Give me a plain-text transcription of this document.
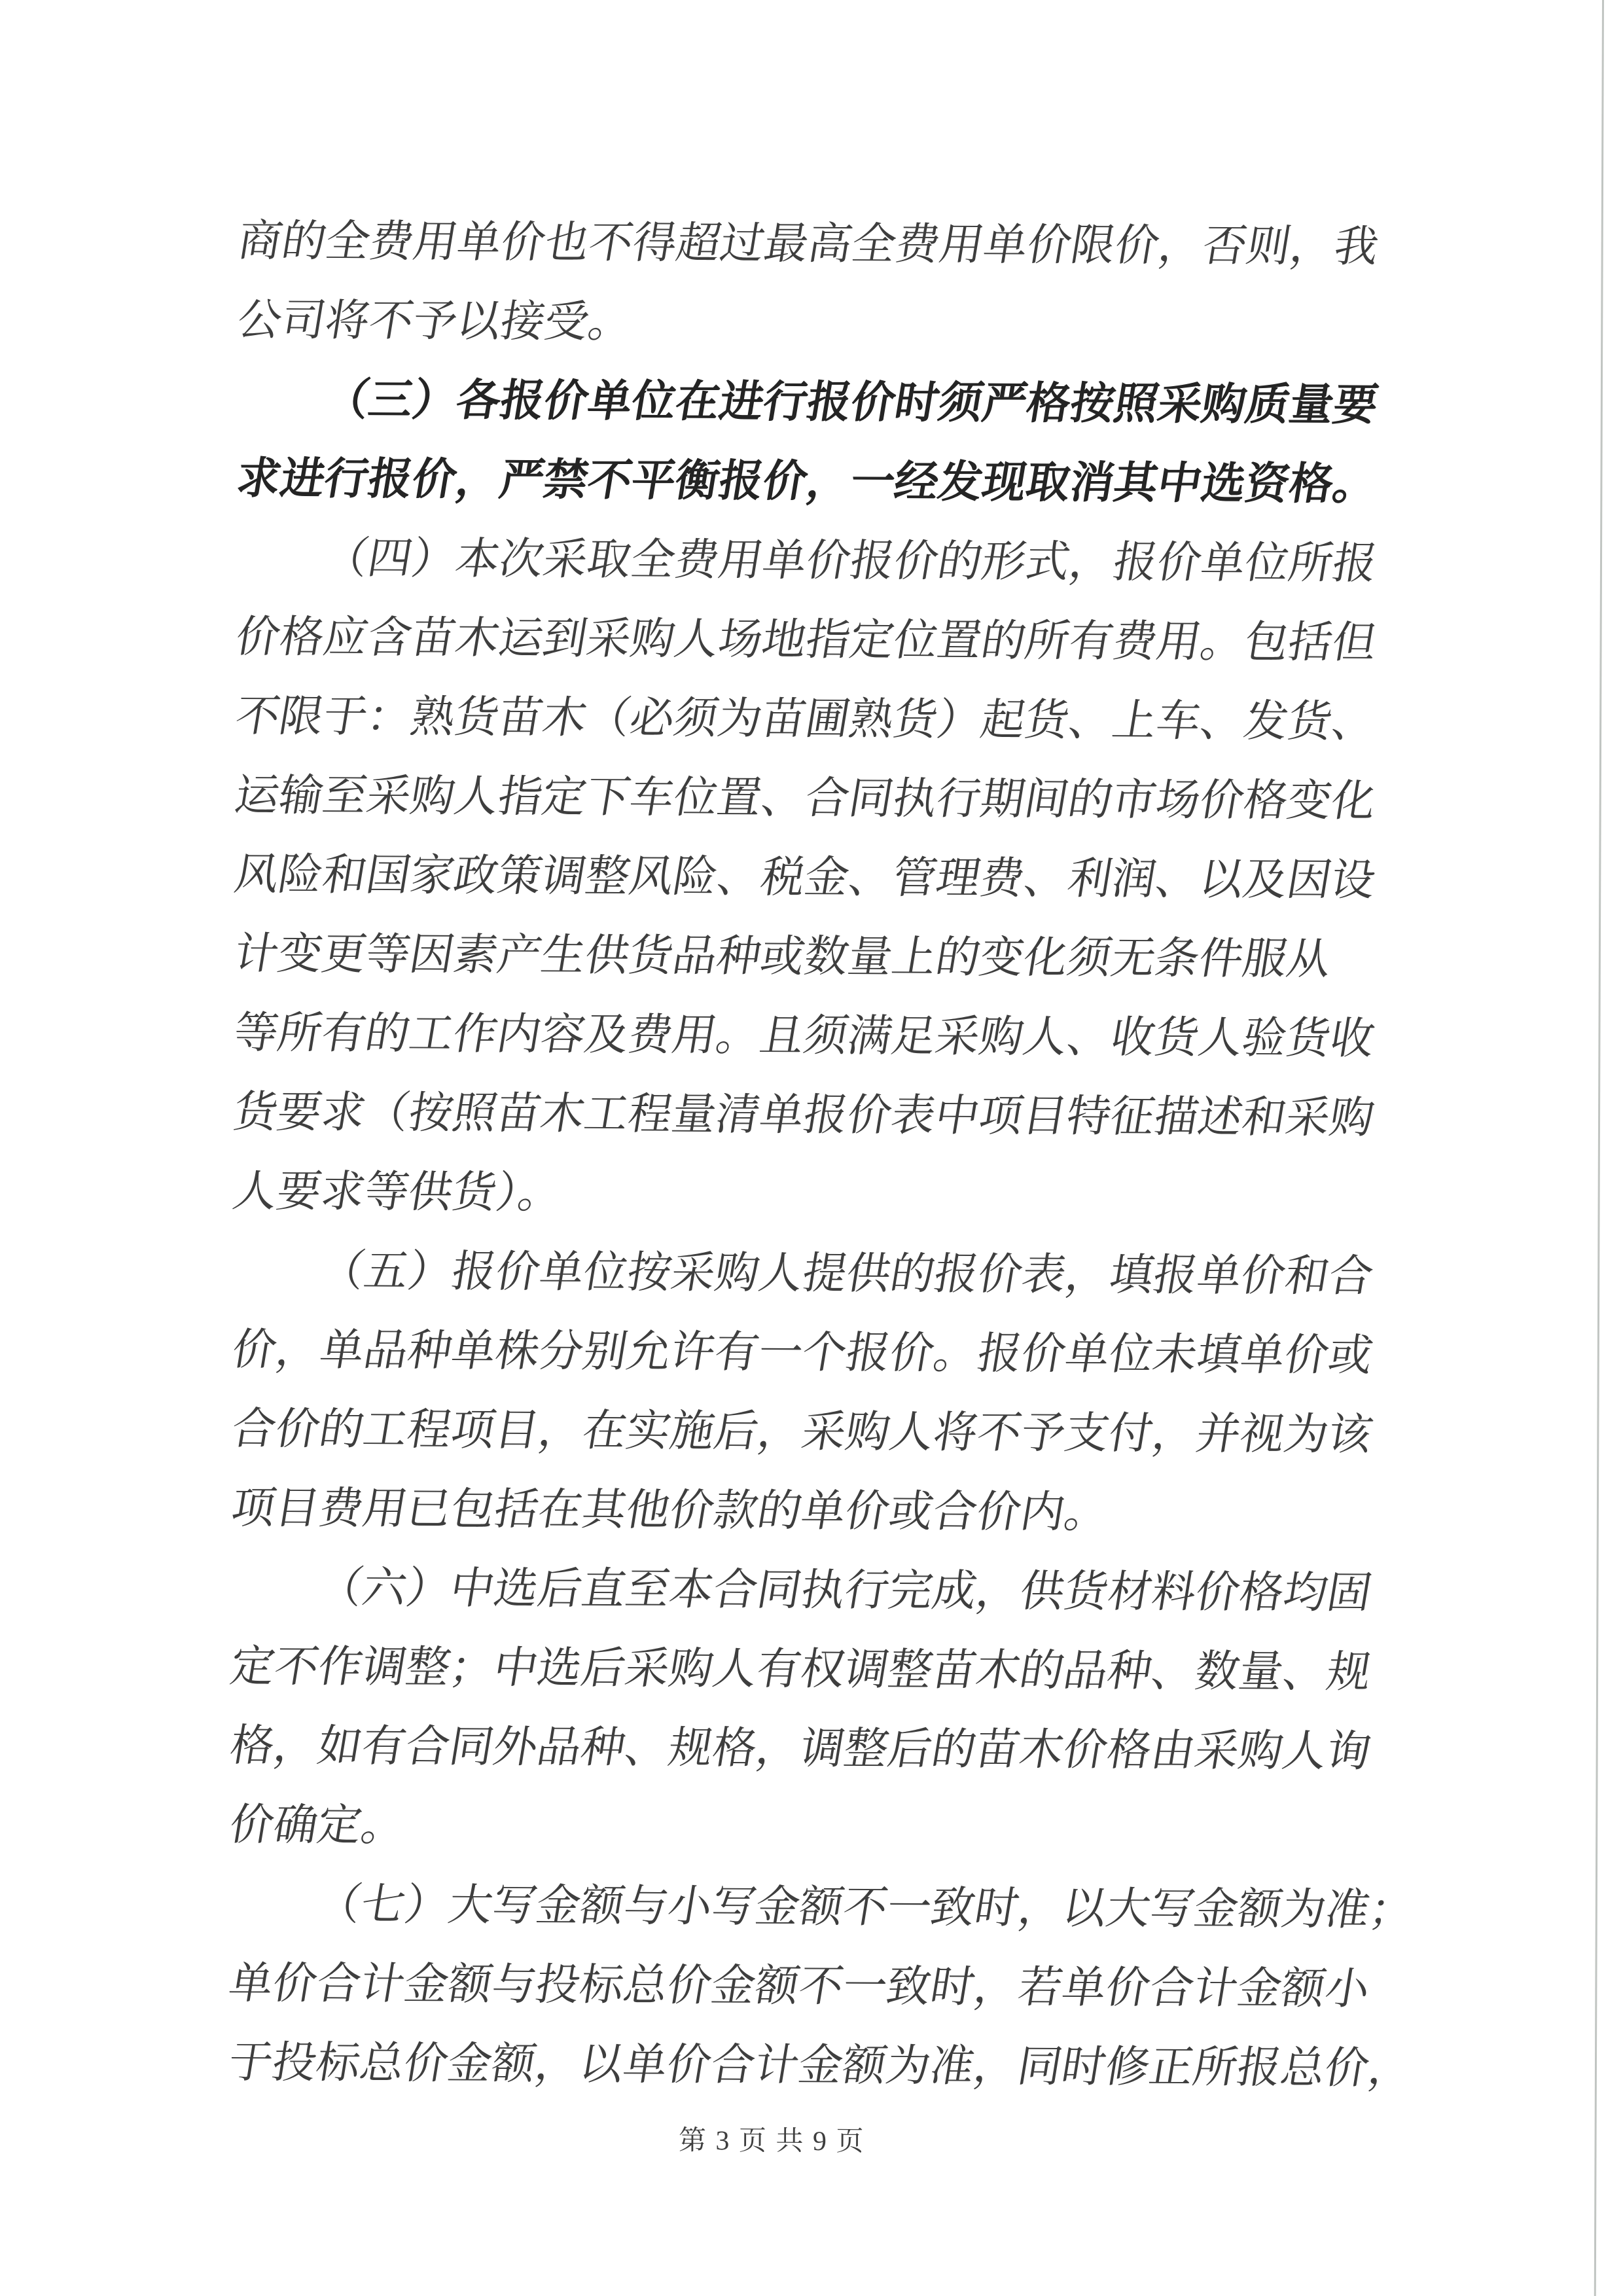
商的全费用单价也不得超过最高全费用单价限价，否则，我
公司将不予以接受。
（三）各报价单位在进行报价时须严格按照采购质量要
求进行报价，严禁不平衡报价，一经发现取消其中选资格。
（四）本次采取全费用单价报价的形式，报价单位所报
价格应含苗木运到采购人场地指定位置的所有费用。包括但
不限于：熟货苗木（必须为苗圃熟货）起货、上车、发货、
运输至采购人指定下车位置、合同执行期间的市场价格变化
风险和国家政策调整风险、税金、管理费、利润、以及因设
计变更等因素产生供货品种或数量上的变化须无条件服从
等所有的工作内容及费用。且须满足采购人、收货人验货收
货要求（按照苗木工程量清单报价表中项目特征描述和采购
人要求等供货）。
（五）报价单位按采购人提供的报价表，填报单价和合
价，单品种单株分别允许有一个报价。报价单位未填单价或
合价的工程项目，在实施后，采购人将不予支付，并视为该
项目费用已包括在其他价款的单价或合价内。
（六）中选后直至本合同执行完成，供货材料价格均固
定不作调整；中选后采购人有权调整苗木的品种、数量、规
格，如有合同外品种、规格，调整后的苗木价格由采购人询
价确定。
（七）大写金额与小写金额不一致时，以大写金额为准；
单价合计金额与投标总价金额不一致时，若单价合计金额小
于投标总价金额，以单价合计金额为准，同时修正所报总价，
第 3 页 共 9 页
